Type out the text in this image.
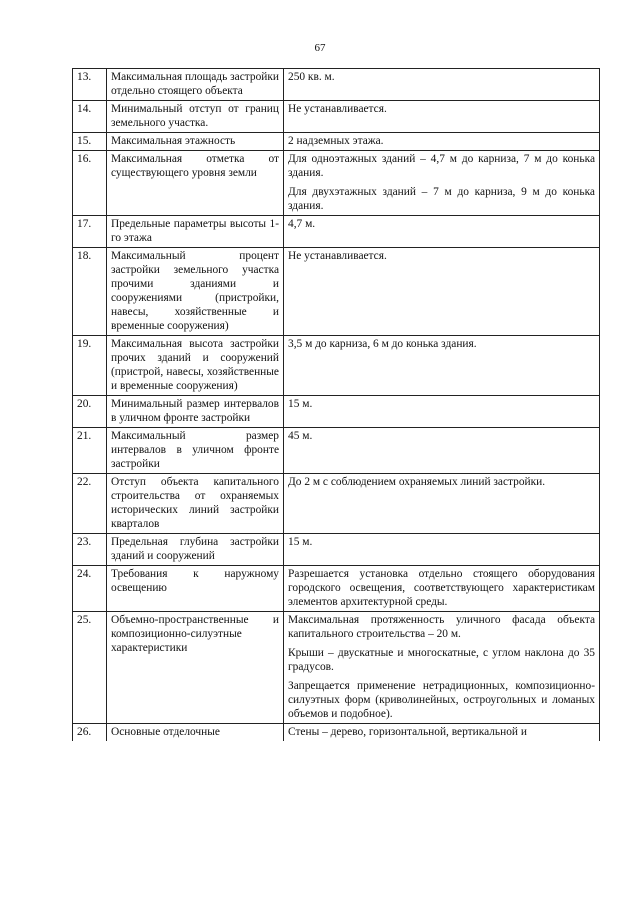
67
13.	Максимальная площадь застройки отдельно стоящего объекта	250 кв. м.

14.	Минимальный отступ от границ земельного участка.	Не устанавливается.

15.	Максимальная этажность	2 надземных этажа.

16.	Максимальная отметка от существующего уровня земли	Для одноэтажных зданий – 4,7 м до карниза, 7 м до конька здания.

Для двухэтажных зданий – 7 м до карниза, 9 м до конька здания.

17.	Предельные параметры высоты 1-го этажа	4,7 м.

18.	Максимальный процент застройки земельного участка прочими зданиями и сооружениями (пристройки, навесы, хозяйственные и временные сооружения)	Не устанавливается.

19.	Максимальная высота застройки прочих зданий и сооружений (пристрой, навесы, хозяйственные и временные сооружения)	3,5 м до карниза, 6 м до конька здания.

20.	Минимальный размер интервалов в уличном фронте застройки	15 м.

21.	Максимальный размер интервалов в уличном фронте застройки	45 м.

22.	Отступ объекта капитального строительства от охраняемых исторических линий застройки кварталов	До 2 м с соблюдением охраняемых линий застройки.

23.	Предельная глубина застройки зданий и сооружений	15 м.

24.	Требования к наружному освещению	Разрешается установка отдельно стоящего оборудования городского освещения, соответствующего характеристикам элементов архитектурной среды.

25.	Объемно-пространственные и композиционно-силуэтные характеристики	Максимальная протяженность уличного фасада объекта капитального строительства – 20 м.

Крыши – двускатные и многоскатные, с углом наклона до 35 градусов.

Запрещается применение нетрадиционных, композиционно-силуэтных форм (криволинейных, остроугольных и ломаных объемов и подобное).

26.	Основные отделочные	Стены – дерево, горизонтальной, вертикальной и
